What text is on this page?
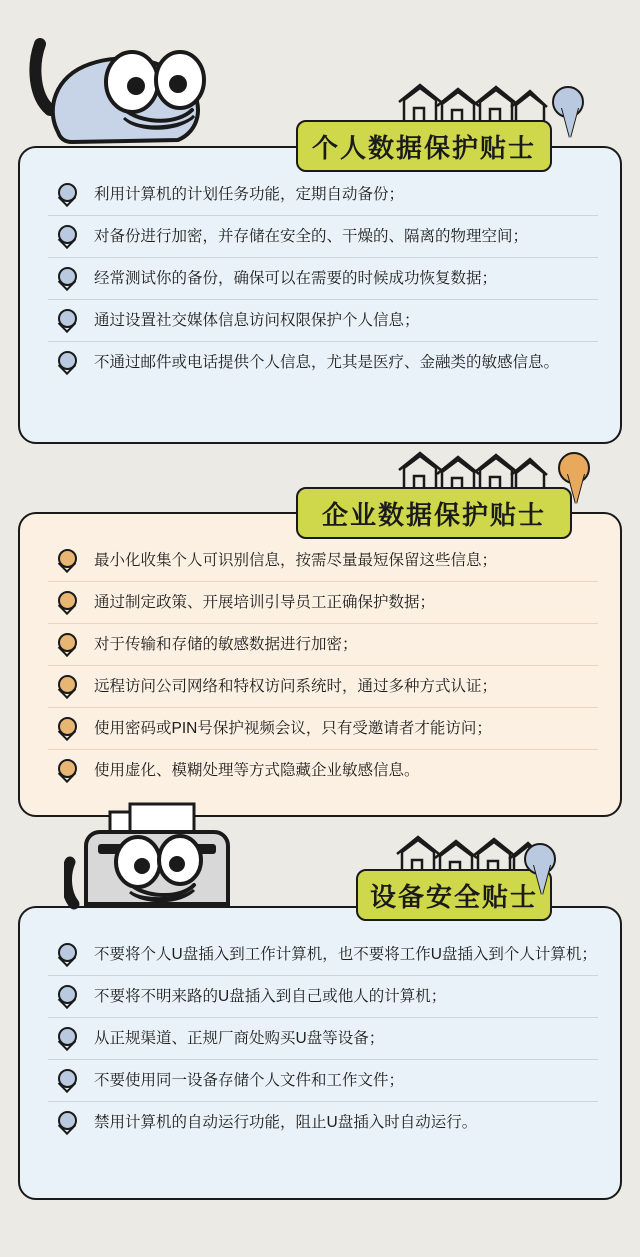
利用计算机的计划任务功能，定期自动备份；
对备份进行加密，并存储在安全的、干燥的、隔离的物理空间；
经常测试你的备份，确保可以在需要的时候成功恢复数据；
通过设置社交媒体信息访问权限保护个人信息；
不通过邮件或电话提供个人信息，尤其是医疗、金融类的敏感信息。
个人数据保护贴士
最小化收集个人可识别信息，按需尽量最短保留这些信息；
通过制定政策、开展培训引导员工正确保护数据；
对于传输和存储的敏感数据进行加密；
远程访问公司网络和特权访问系统时，通过多种方式认证；
使用密码或PIN号保护视频会议，只有受邀请者才能访问；
使用虚化、模糊处理等方式隐藏企业敏感信息。
企业数据保护贴士
不要将个人U盘插入到工作计算机，也不要将工作U盘插入到个人计算机；
不要将不明来路的U盘插入到自己或他人的计算机；
从正规渠道、正规厂商处购买U盘等设备；
不要使用同一设备存储个人文件和工作文件；
禁用计算机的自动运行功能，阻止U盘插入时自动运行。
设备安全贴士
